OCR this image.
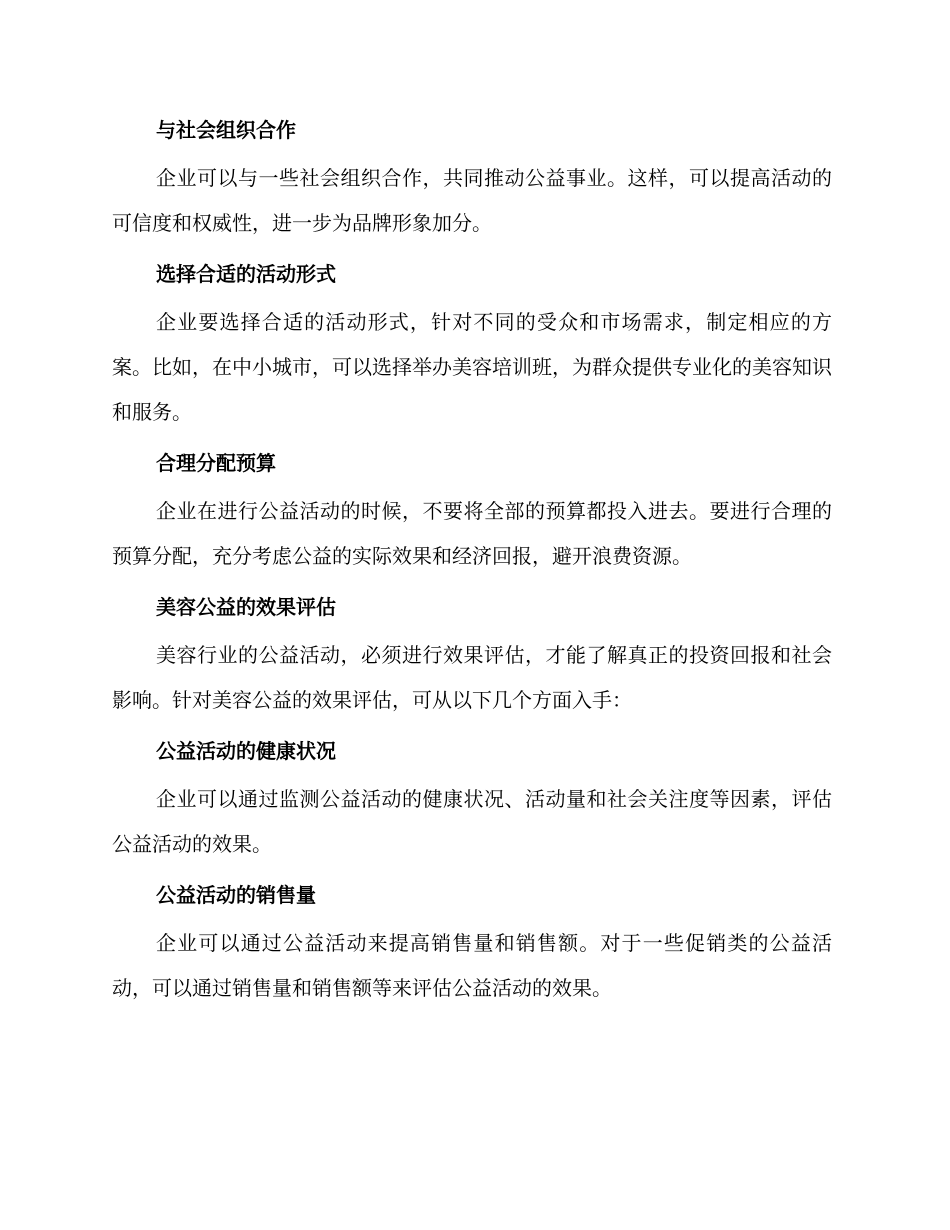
与社会组织合作

企业可以与一些社会组织合作，共同推动公益事业。这样，可以提高活动的可信度和权威性，进一步为品牌形象加分。

选择合适的活动形式

企业要选择合适的活动形式，针对不同的受众和市场需求，制定相应的方案。比如，在中小城市，可以选择举办美容培训班，为群众提供专业化的美容知识和服务。

合理分配预算

企业在进行公益活动的时候，不要将全部的预算都投入进去。要进行合理的预算分配，充分考虑公益的实际效果和经济回报，避开浪费资源。

美容公益的效果评估

美容行业的公益活动，必须进行效果评估，才能了解真正的投资回报和社会影响。针对美容公益的效果评估，可从以下几个方面入手：

公益活动的健康状况

企业可以通过监测公益活动的健康状况、活动量和社会关注度等因素，评估公益活动的效果。

公益活动的销售量

企业可以通过公益活动来提高销售量和销售额。对于一些促销类的公益活动，可以通过销售量和销售额等来评估公益活动的效果。
